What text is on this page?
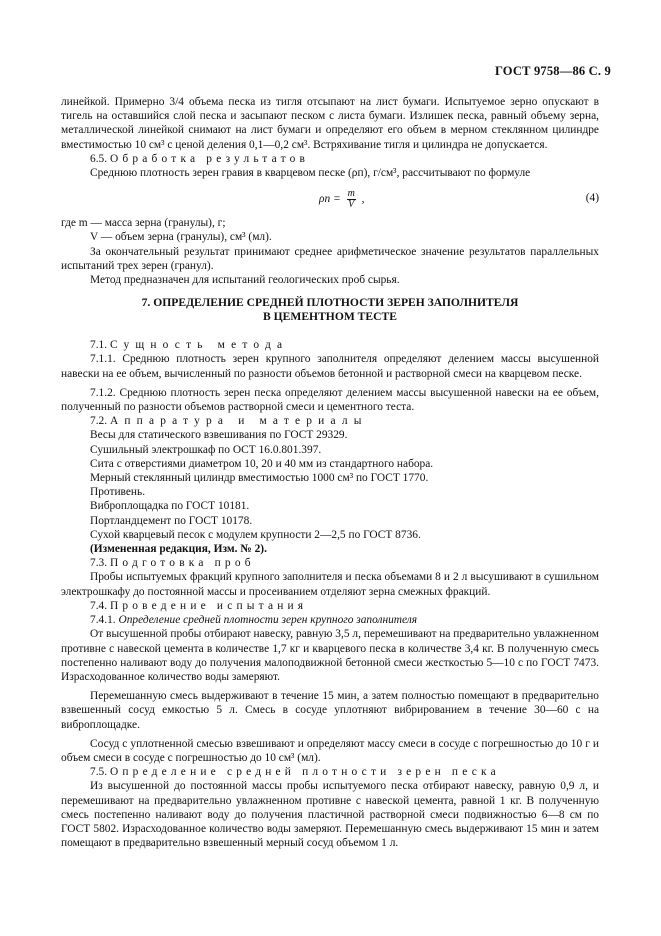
ГОСТ 9758—86 С. 9

линейкой. Примерно 3/4 объема песка из тигля отсыпают на лист бумаги. Испытуемое зерно опускают в тигель на оставшийся слой песка и засыпают песком с листа бумаги. Излишек песка, равный объему зерна, металлической линейкой снимают на лист бумаги и определяют его объем в мерном стеклянном цилиндре вместимостью 10 см³ с ценой деления 0,1—0,2 см³. Встряхивание тигля и цилиндра не допускается.

6.5. Обработка результатов

Среднюю плотность зерен гравия в кварцевом песке (ρп), г/см³, рассчитывают по формуле

$\rho п = \frac{m}{V}$ ,	(4)

где m — масса зерна (гранулы), г;

V — объем зерна (гранулы), см³ (мл).

За окончательный результат принимают среднее арифметическое значение результатов параллельных испытаний трех зерен (гранул).

Метод предназначен для испытаний геологических проб сырья.

7. ОПРЕДЕЛЕНИЕ СРЕДНЕЙ ПЛОТНОСТИ ЗЕРЕН ЗАПОЛНИТЕЛЯ
В ЦЕМЕНТНОМ ТЕСТЕ

7.1. Сущность метода

7.1.1. Среднюю плотность зерен крупного заполнителя определяют делением массы высушенной навески на ее объем, вычисленный по разности объемов бетонной и растворной смеси на кварцевом песке.

7.1.2. Среднюю плотность зерен песка определяют делением массы высушенной навески на ее объем, полученный по разности объемов растворной смеси и цементного теста.

7.2. Аппаратура и материалы

Весы для статического взвешивания по ГОСТ 29329.

Сушильный электрошкаф по ОСТ 16.0.801.397.

Сита с отверстиями диаметром 10, 20 и 40 мм из стандартного набора.

Мерный стеклянный цилиндр вместимостью 1000 см³ по ГОСТ 1770.

Противень.

Виброплощадка по ГОСТ 10181.

Портландцемент по ГОСТ 10178.

Сухой кварцевый песок с модулем крупности 2—2,5 по ГОСТ 8736.

(Измененная редакция, Изм. № 2).

7.3. Подготовка проб

Пробы испытуемых фракций крупного заполнителя и песка объемами 8 и 2 л высушивают в сушильном электрошкафу до постоянной массы и просеиванием отделяют зерна смежных фракций.

7.4. Проведение испытания

7.4.1. Определение средней плотности зерен крупного заполнителя

От высушенной пробы отбирают навеску, равную 3,5 л, перемешивают на предварительно увлажненном противне с навеской цемента в количестве 1,7 кг и кварцевого песка в количестве 3,4 кг. В полученную смесь постепенно наливают воду до получения малоподвижной бетонной смеси жесткостью 5—10 с по ГОСТ 7473. Израсходованное количество воды замеряют.

Перемешанную смесь выдерживают в течение 15 мин, а затем полностью помещают в предварительно взвешенный сосуд емкостью 5 л. Смесь в сосуде уплотняют вибрированием в течение 30—60 с на виброплощадке.

Сосуд с уплотненной смесью взвешивают и определяют массу смеси в сосуде с погрешностью до 10 г и объем смеси в сосуде с погрешностью до 10 см³ (мл).

7.5. Определение средней плотности зерен песка

Из высушенной до постоянной массы пробы испытуемого песка отбирают навеску, равную 0,9 л, и перемешивают на предварительно увлажненном противне с навеской цемента, равной 1 кг. В полученную смесь постепенно наливают воду до получения пластичной растворной смеси подвижностью 6—8 см по ГОСТ 5802. Израсходованное количество воды замеряют. Перемешанную смесь выдерживают 15 мин и затем помещают в предварительно взвешенный мерный сосуд объемом 1 л.
